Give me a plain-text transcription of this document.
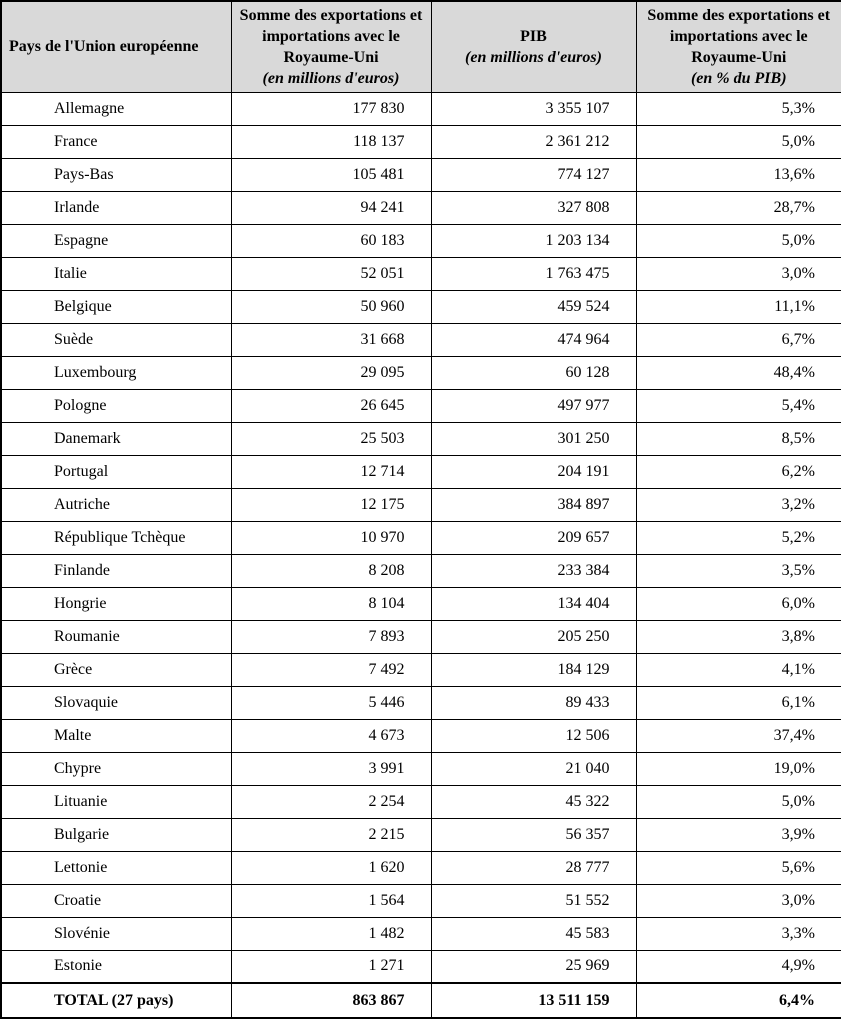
Pays de l'Union européenne

Somme des exportations et importations avec le Royaume-Uni
(en millions d'euros)

PIB
(en millions d'euros)

Somme des exportations et importations avec le Royaume-Uni
(en % du PIB)

Allemagne	177 830	3 355 107	5,3%
France	118 137	2 361 212	5,0%
Pays-Bas	105 481	774 127	13,6%
Irlande	94 241	327 808	28,7%
Espagne	60 183	1 203 134	5,0%
Italie	52 051	1 763 475	3,0%
Belgique	50 960	459 524	11,1%
Suède	31 668	474 964	6,7%
Luxembourg	29 095	60 128	48,4%
Pologne	26 645	497 977	5,4%
Danemark	25 503	301 250	8,5%
Portugal	12 714	204 191	6,2%
Autriche	12 175	384 897	3,2%
République Tchèque	10 970	209 657	5,2%
Finlande	8 208	233 384	3,5%
Hongrie	8 104	134 404	6,0%
Roumanie	7 893	205 250	3,8%
Grèce	7 492	184 129	4,1%
Slovaquie	5 446	89 433	6,1%
Malte	4 673	12 506	37,4%
Chypre	3 991	21 040	19,0%
Lituanie	2 254	45 322	5,0%
Bulgarie	2 215	56 357	3,9%
Lettonie	1 620	28 777	5,6%
Croatie	1 564	51 552	3,0%
Slovénie	1 482	45 583	3,3%
Estonie	1 271	25 969	4,9%
TOTAL (27 pays)	863 867	13 511 159	6,4%
